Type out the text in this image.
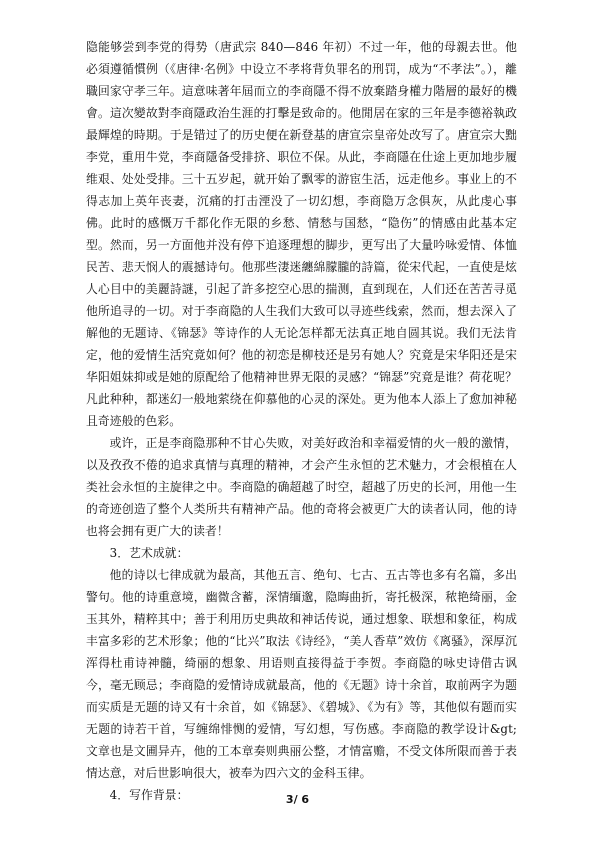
隐能够尝到李党的得势（唐武宗 840—846 年初）不过一年，他的母親去世。他必須遵循慣例（《唐律·名例》中设立不孝将背负罪名的刑罚，成为“不孝法”。），離職回家守孝三年。這意味著年屆而立的李商隱不得不放棄踏身權力階層的最好的機會。這次變故對李商隱政治生涯的打擊是致命的。他閒居在家的三年是李德裕執政最輝煌的時期。于是错过了的历史便在新登基的唐宣宗皇帝处改写了。唐宣宗大黜李党，重用牛党，李商隱备受排挤、职位不保。从此，李商隱在仕途上更加地步履维艰、处处受排。三十五岁起，就开始了飘零的游宦生活，远走他乡。事业上的不得志加上英年丧妻，沉痛的打击湮没了一切幻想，李商隐万念俱灰，从此虔心事佛。此时的感慨万千都化作无限的乡愁、情愁与国愁，“隐伤”的情感由此基本定型。然而，另一方面他并没有停下追逐理想的脚步，更写出了大量吟咏爱情、体恤民苦、悲天悯人的震撼诗句。他那些淒迷纏綿朦朧的詩篇，從宋代起，一直使是炫人心目中的美麗詩謎，引起了許多挖空心思的揣测，直到现在，人们还在苦苦寻觅他所追寻的一切。对于李商隐的人生我们大致可以寻迹些线索，然而，想去深入了解他的无题诗、《锦瑟》等诗作的人无论怎样都无法真正地自圆其说。我们无法肯定，他的爱情生活究竟如何？他的初恋是柳枝还是另有她人？究竟是宋华阳还是宋华阳姐妹抑或是她的原配给了他精神世界无限的灵感？“锦瑟”究竟是谁？荷花呢？凡此种种，都迷幻一般地萦绕在仰慕他的心灵的深处。更为他本人添上了愈加神秘且奇迹般的色彩。

或许，正是李商隐那种不甘心失败，对美好政治和幸福爱情的火一般的激情，以及孜孜不倦的追求真情与真理的精神，才会产生永恒的艺术魅力，才会根植在人类社会永恒的主旋律之中。李商隐的确超越了时空，超越了历史的长河，用他一生的奇迹创造了整个人类所共有精神产品。他的奇将会被更广大的读者认同，他的诗也将会拥有更广大的读者！

3．艺术成就：

他的诗以七律成就为最高，其他五言、绝句、七古、五古等也多有名篇，多出警句。他的诗重意境，幽微含蓄，深情缅邈，隐晦曲折，寄托极深，秾艳绮丽，金玉其外，精粹其中；善于利用历史典故和神话传说，通过想象、联想和象征，构成丰富多彩的艺术形象；他的“比兴”取法《诗经》，“美人香草”效仿《离骚》，深厚沉浑得杜甫诗神髓，绮丽的想象、用语则直接得益于李贺。李商隐的咏史诗借古讽今，毫无顾忌；李商隐的爱情诗成就最高，他的《无题》诗十余首，取前两字为题而实质是无题的诗又有十余首，如《锦瑟》、《碧城》、《为有》等，其他似有题而实无题的诗若干首，写缠绵悱恻的爱情，写幻想，写伤感。李商隐的教学设计&gt;文章也是文圃异卉，他的工本章奏则典丽公整，才情富赡，不受文体所限而善于表情达意，对后世影响很大，被奉为四六文的金科玉律。

4．写作背景：	3/ 6
